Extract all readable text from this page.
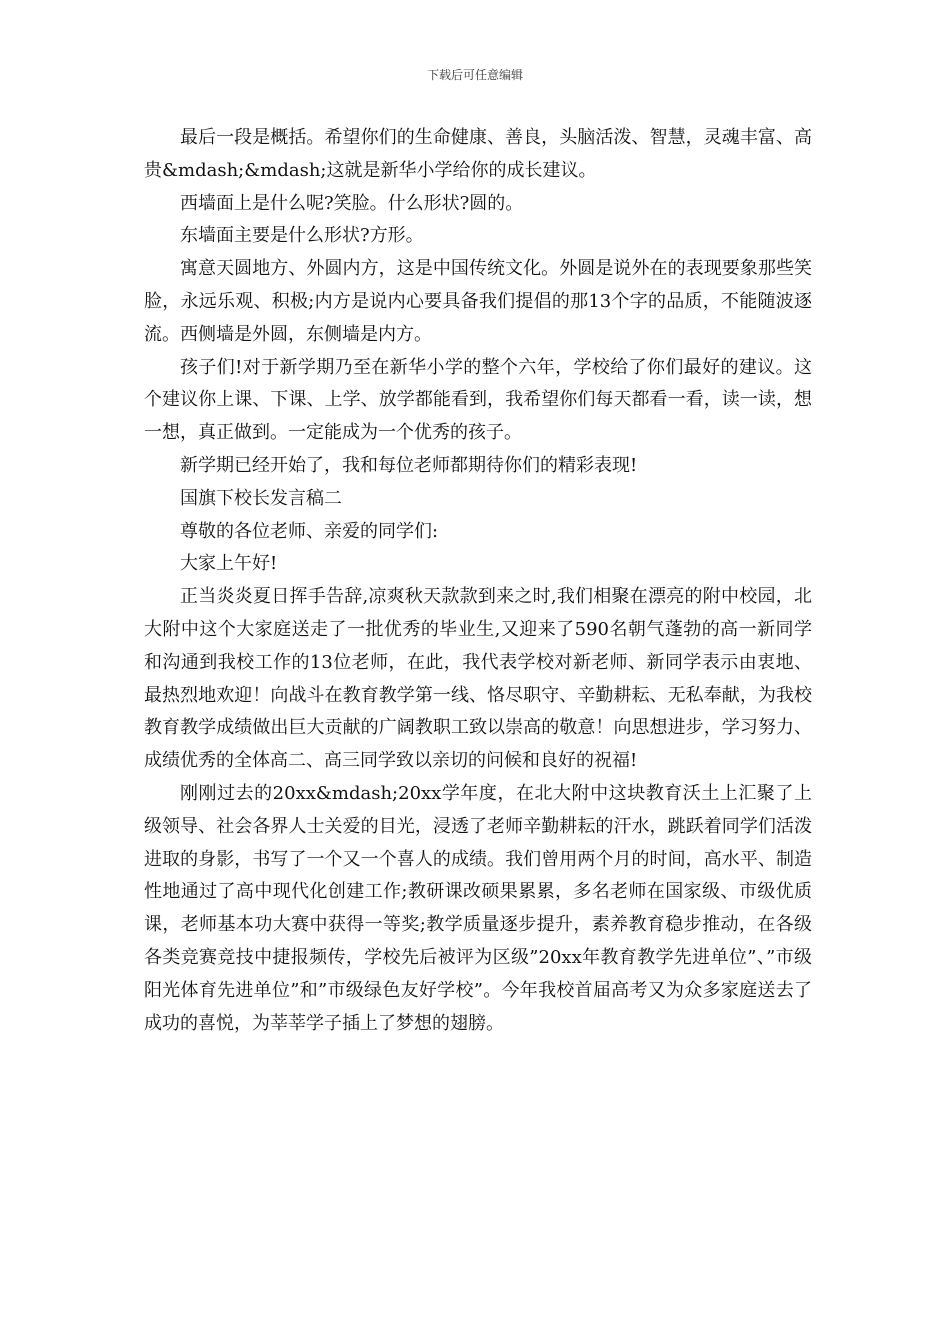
下载后可任意编辑

最后一段是概括。希望你们的生命健康、善良，头脑活泼、智慧，灵魂丰富、高贵&mdash;&mdash;这就是新华小学给你的成长建议。

西墙面上是什么呢?笑脸。什么形状?圆的。

东墙面主要是什么形状?方形。

寓意天圆地方、外圆内方，这是中国传统文化。外圆是说外在的表现要象那些笑脸，永远乐观、积极;内方是说内心要具备我们提倡的那13个字的品质，不能随波逐流。西侧墙是外圆，东侧墙是内方。

孩子们!对于新学期乃至在新华小学的整个六年，学校给了你们最好的建议。这个建议你上课、下课、上学、放学都能看到，我希望你们每天都看一看，读一读，想一想，真正做到。一定能成为一个优秀的孩子。

新学期已经开始了，我和每位老师都期待你们的精彩表现!

国旗下校长发言稿二

尊敬的各位老师、亲爱的同学们:

大家上午好!

正当炎炎夏日挥手告辞,凉爽秋天款款到来之时,我们相聚在漂亮的附中校园，北大附中这个大家庭送走了一批优秀的毕业生,又迎来了590名朝气蓬勃的高一新同学和沟通到我校工作的13位老师，在此，我代表学校对新老师、新同学表示由衷地、最热烈地欢迎！向战斗在教育教学第一线、恪尽职守、辛勤耕耘、无私奉献，为我校教育教学成绩做出巨大贡献的广阔教职工致以崇高的敬意！向思想进步，学习努力、成绩优秀的全体高二、高三同学致以亲切的问候和良好的祝福!

刚刚过去的20xx&mdash;20xx学年度，在北大附中这块教育沃土上汇聚了上级领导、社会各界人士关爱的目光，浸透了老师辛勤耕耘的汗水，跳跃着同学们活泼进取的身影，书写了一个又一个喜人的成绩。我们曾用两个月的时间，高水平、制造性地通过了高中现代化创建工作;教研课改硕果累累，多名老师在国家级、市级优质课，老师基本功大赛中获得一等奖;教学质量逐步提升，素养教育稳步推动，在各级各类竞赛竞技中捷报频传，学校先后被评为区级”20xx年教育教学先进单位”、”市级阳光体育先进单位”和”市级绿色友好学校”。今年我校首届高考又为众多家庭送去了成功的喜悦，为莘莘学子插上了梦想的翅膀。
